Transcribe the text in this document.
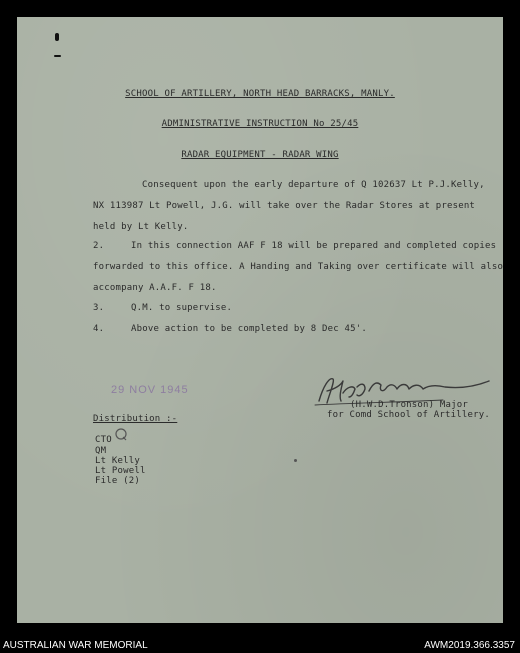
SCHOOL OF ARTILLERY, NORTH HEAD BARRACKS, MANLY.
ADMINISTRATIVE INSTRUCTION No 25/45
RADAR EQUIPMENT - RADAR WING
Consequent upon the early departure of Q 102637 Lt P.J.Kelly,
NX 113987 Lt Powell, J.G. will take over the Radar Stores at present
held by Lt Kelly.
2.	In this connection AAF F 18 will be prepared and completed copies
forwarded to this office. A Handing and Taking over certificate will also
accompany A.A.F. F 18.
3.	Q.M. to supervise.
4.	Above action to be completed by 8 Dec 45'.
29 NOV 1945
(H.W.D.Tronson) Major
for Comd School of Artillery.
Distribution :-
CTO
QM
Lt Kelly
Lt Powell
File (2)
AUSTRALIAN WAR MEMORIAL	AWM2019.366.3357
